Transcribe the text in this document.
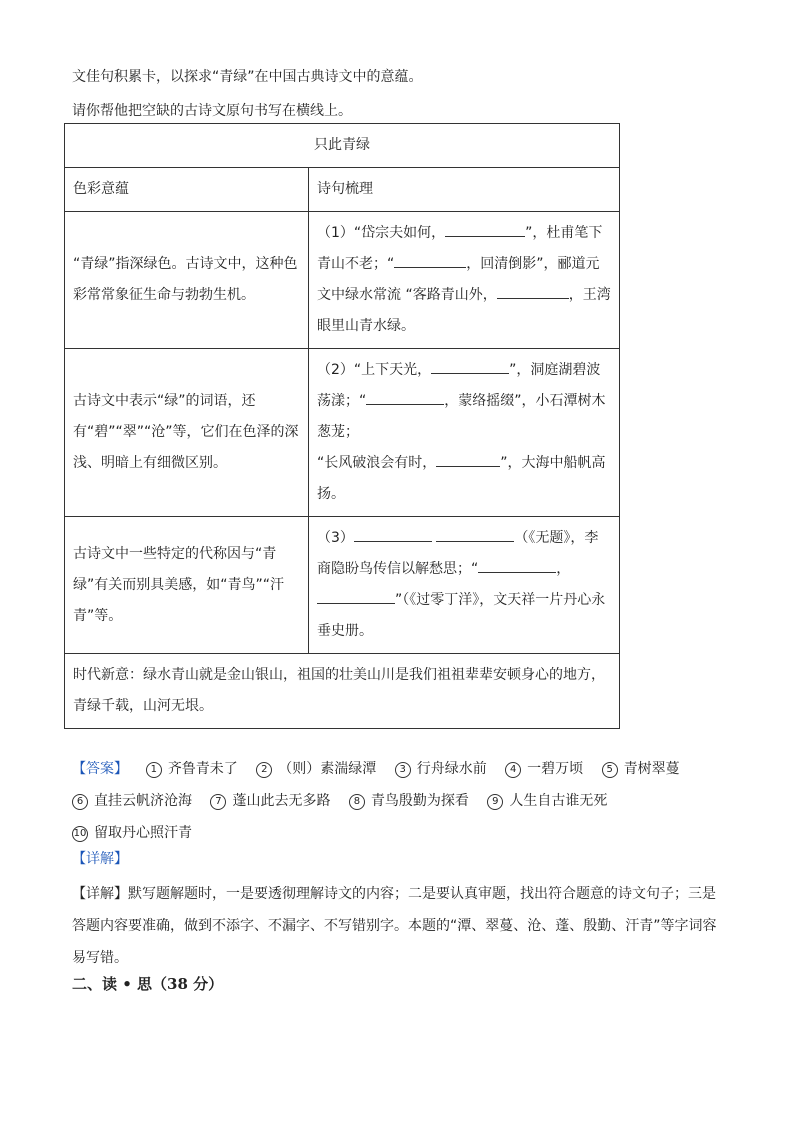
文佳句积累卡，以探求“青绿”在中国古典诗文中的意蕴。
请你帮他把空缺的古诗文原句书写在横线上。
只此青绿	
色彩意蕴	诗句梳理
“青绿”指深绿色。古诗文中，这种色彩常常象征生命与勃勃生机。	（1）“岱宗夫如何， ”，杜甫笔下青山不老；“ ，回清倒影”，郦道元文中绿水常流 “客路青山外， ，王湾眼里山青水绿。
古诗文中表示“绿”的词语，还有“碧”“翠”“沧”等，它们在色泽的深浅、明暗上有细微区别。	（2）“上下天光， ”，洞庭湖碧波荡漾；“ ，蒙络摇缀”，小石潭树木葱茏；
“长风破浪会有时， ”，大海中船帆高扬。
古诗文中一些特定的代称因与“青绿”有关而别具美感，如“青鸟”“汗青”等。	（3） （《无题》，李商隐盼鸟传信以解愁思；“ ，”（《过零丁洋》，文天祥一片丹心永垂史册。
时代新意：绿水青山就是金山银山，祖国的壮美山川是我们祖祖辈辈安顿身心的地方，青绿千载，山河无垠。	
【答案】 1 齐鲁青未了 2 （则）素湍绿潭 3 行舟绿水前 4 一碧万顷 5 青树翠蔓 6 直挂云帆济沧海 7 蓬山此去无多路 8 青鸟殷勤为探看 9 人生自古谁无死 10 留取丹心照汗青
【详解】
【详解】默写题解题时，一是要透彻理解诗文的内容；二是要认真审题，找出符合题意的诗文句子；三是答题内容要准确，做到不添字、不漏字、不写错别字。本题的“潭、翠蔓、沧、蓬、殷勤、汗青”等字词容易写错。
二、读 • 思（38 分）
